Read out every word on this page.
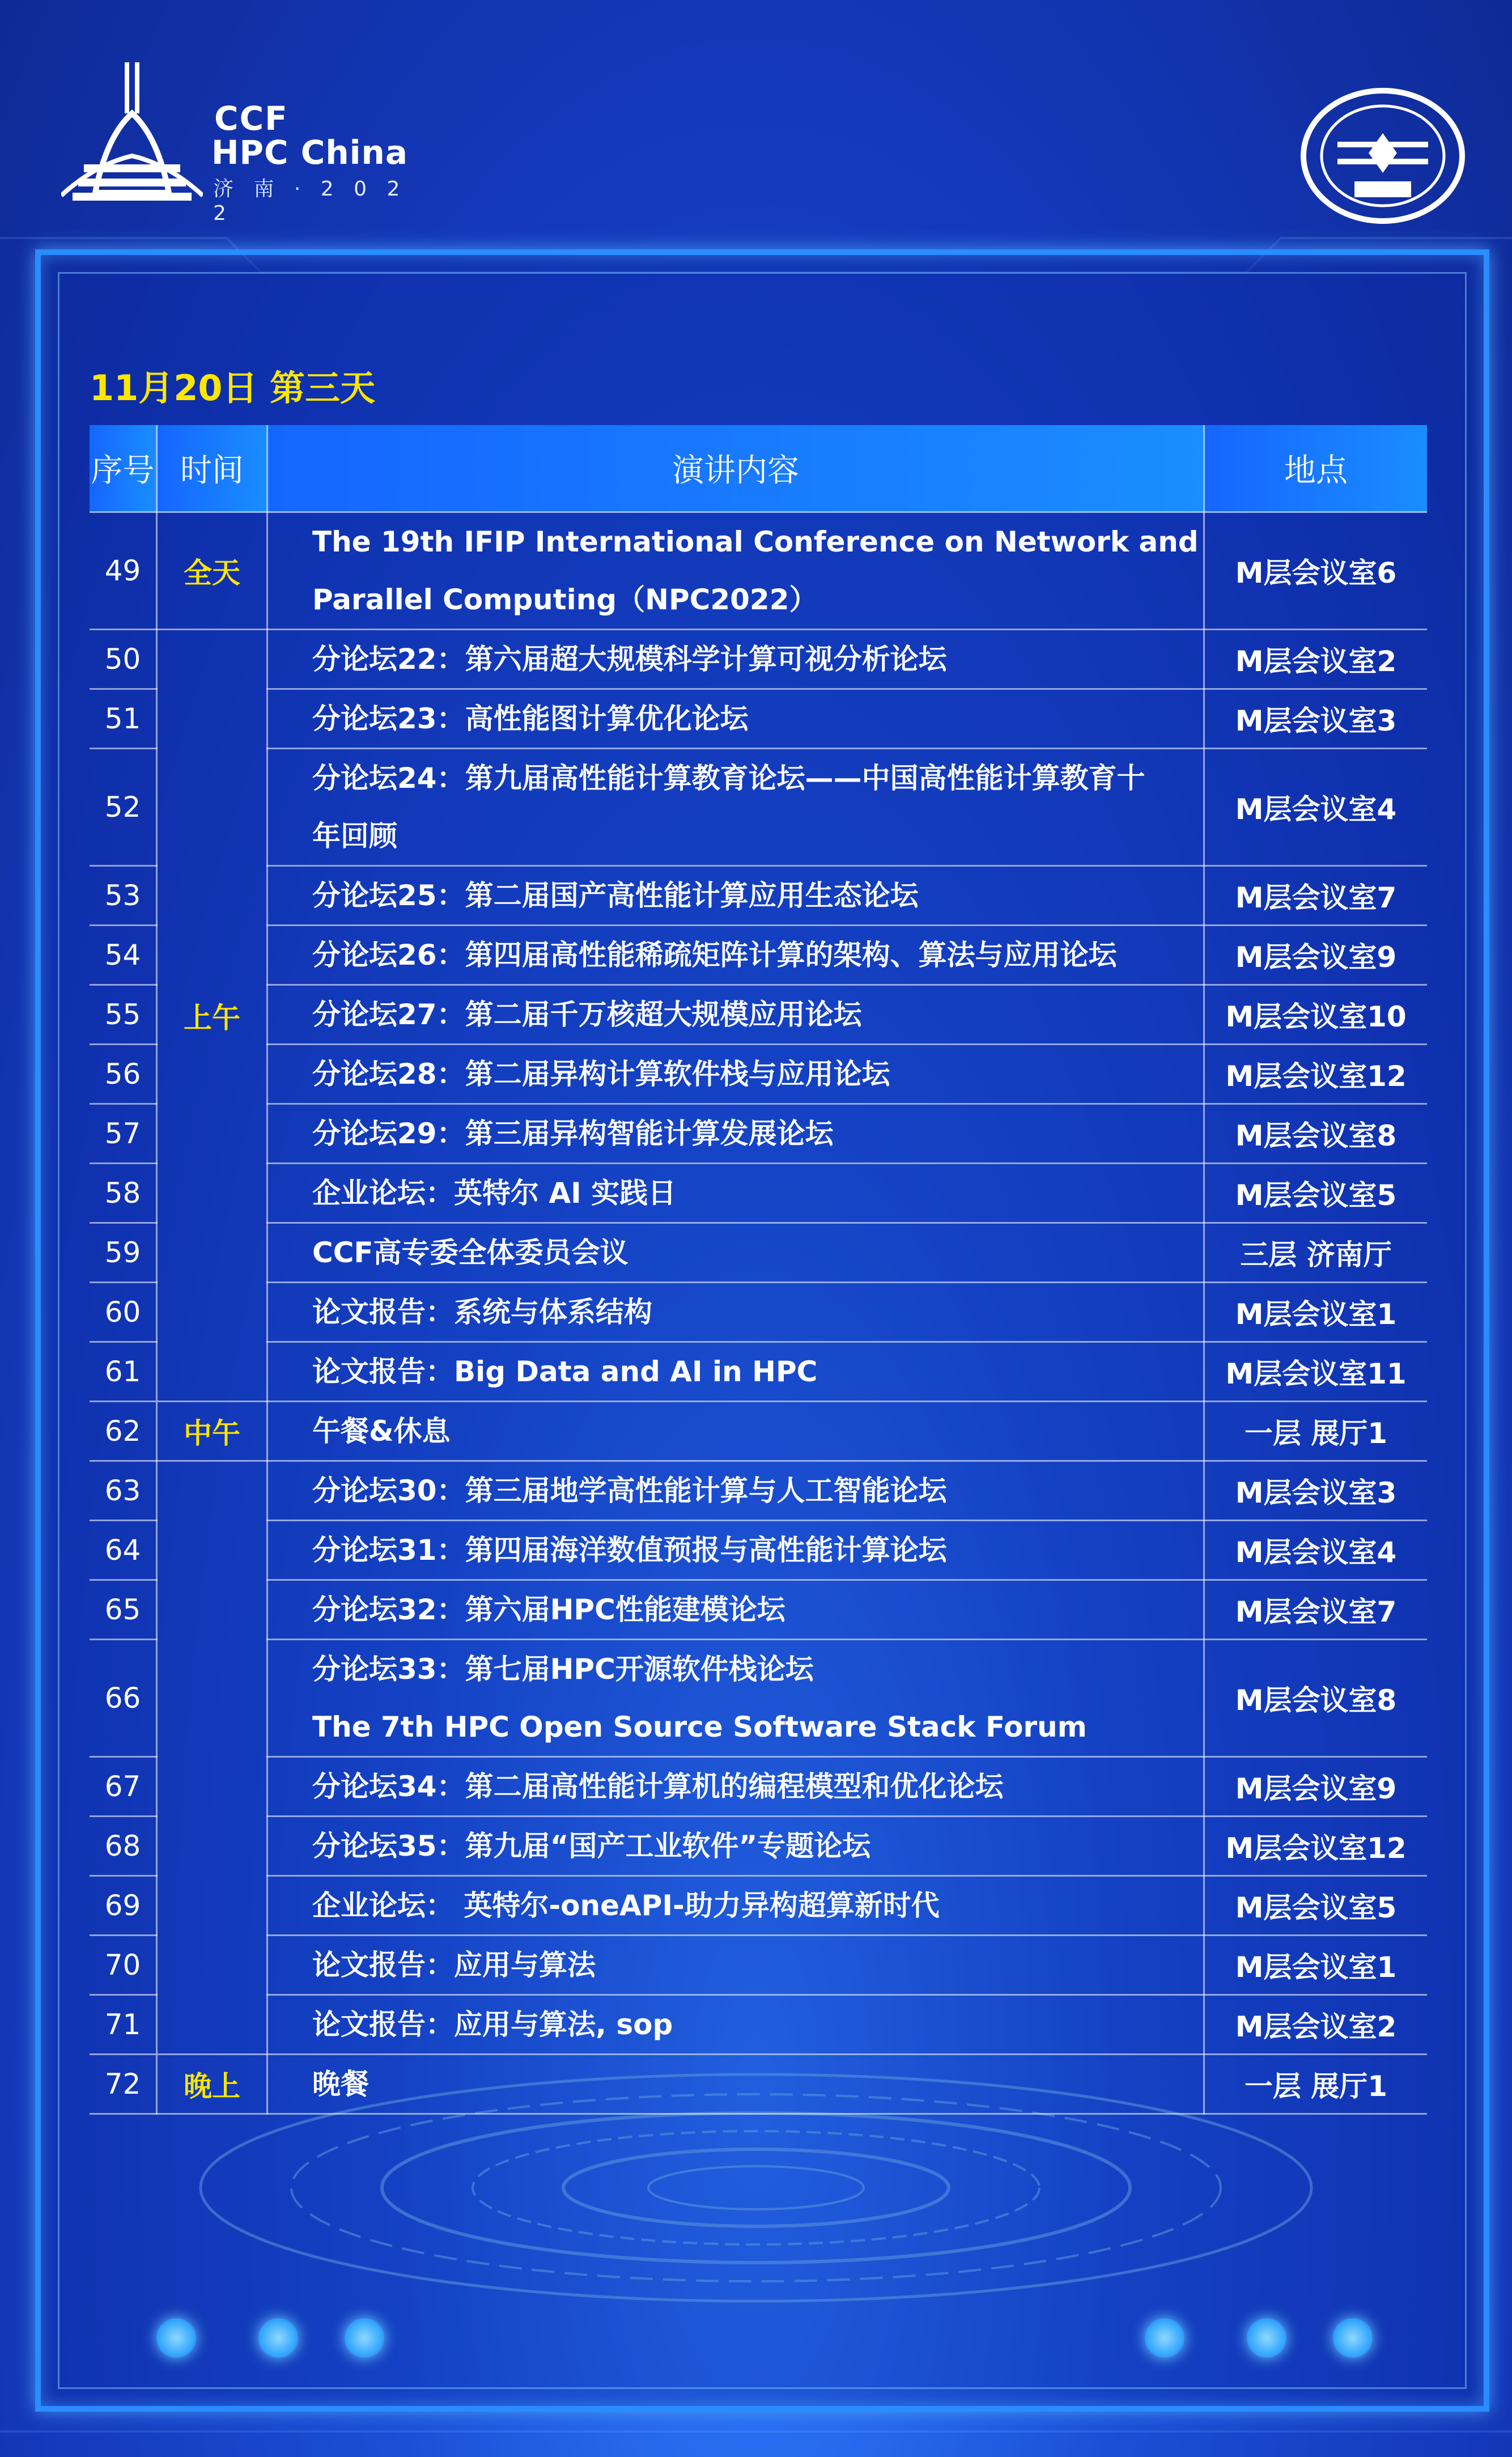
CCF
HPC China
济 南 · 2 0 2 2
11月20日 第三天
序号	时间	演讲内容	地点
49	全天	The 19th IFIP International Conference on Network and
Parallel Computing（NPC2022）	M层会议室6
50	上午	分论坛22：第六届超大规模科学计算可视分析论坛	M层会议室2
51		分论坛23：高性能图计算优化论坛	M层会议室3
52		分论坛24：第九届高性能计算教育论坛——中国高性能计算教育十
年回顾	M层会议室4
53		分论坛25：第二届国产高性能计算应用生态论坛	M层会议室7
54		分论坛26：第四届高性能稀疏矩阵计算的架构、算法与应用论坛	M层会议室9
55		分论坛27：第二届千万核超大规模应用论坛	M层会议室10
56		分论坛28：第二届异构计算软件栈与应用论坛	M层会议室12
57		分论坛29：第三届异构智能计算发展论坛	M层会议室8
58		企业论坛：英特尔 AI 实践日	M层会议室5
59		CCF高专委全体委员会议	三层 济南厅
60		论文报告：系统与体系结构	M层会议室1
61		论文报告：Big Data and AI in HPC	M层会议室11
62	中午	午餐&休息	一层 展厅1
63		分论坛30：第三届地学高性能计算与人工智能论坛	M层会议室3
64		分论坛31：第四届海洋数值预报与高性能计算论坛	M层会议室4
65		分论坛32：第六届HPC性能建模论坛	M层会议室7
66		分论坛33：第七届HPC开源软件栈论坛
The 7th HPC Open Source Software Stack Forum	M层会议室8
67		分论坛34：第二届高性能计算机的编程模型和优化论坛	M层会议室9
68		分论坛35：第九届“国产工业软件”专题论坛	M层会议室12
69		企业论坛： 英特尔-oneAPI-助力异构超算新时代	M层会议室5
70		论文报告：应用与算法	M层会议室1
71		论文报告：应用与算法, sop	M层会议室2
72	晚上	晚餐	一层 展厅1
